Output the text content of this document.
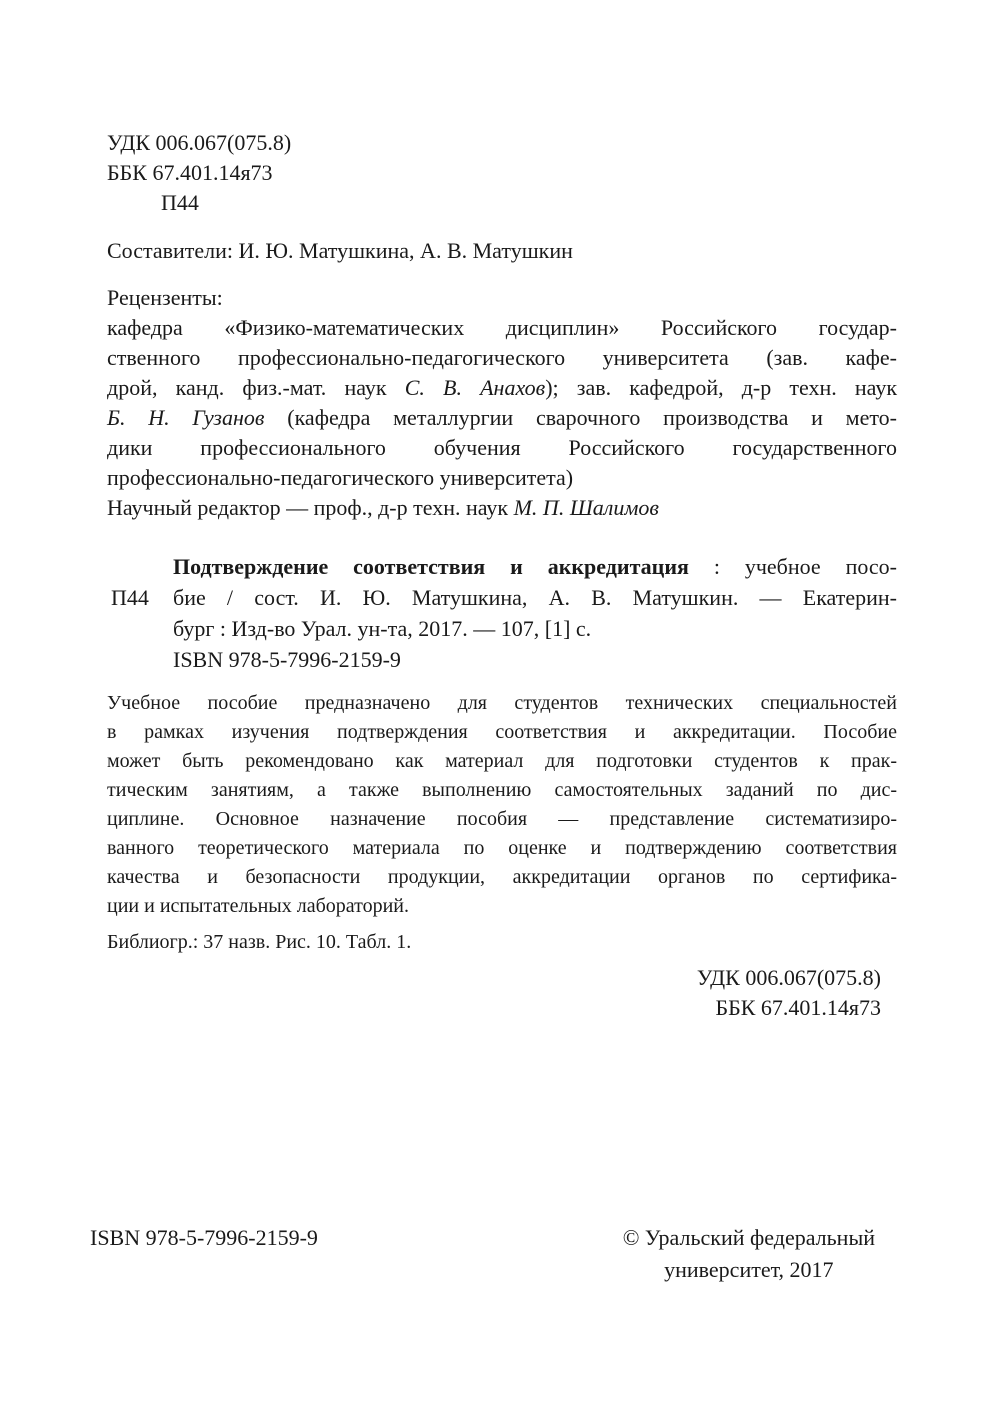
УДК 006.067(075.8)
ББК 67.401.14я73
П44
Составители: И. Ю. Матушкина, А. В. Матушкин
Рецензенты:
кафедра «Физико-математических дисциплин» Российского государ-
ственного профессионально-педагогического университета (зав. кафе-
дрой, канд. физ.-мат. наук С. В. Анахов); зав. кафедрой, д-р техн. наук
Б. Н. Гузанов (кафедра металлургии сварочного производства и мето-
дики профессионального обучения Российского государственного
профессионально-педагогического университета)
Научный редактор — проф., д-р техн. наук М. П. Шалимов
П44
Подтверждение соответствия и аккредитация : учебное посо-
бие / сост. И. Ю. Матушкина, А. В. Матушкин. — Екатерин-
бург : Изд-во Урал. ун-та, 2017. — 107, [1] с.
ISBN 978-5-7996-2159-9
Учебное пособие предназначено для студентов технических специальностей
в рамках изучения подтверждения соответствия и аккредитации. Пособие
может быть рекомендовано как материал для подготовки студентов к прак-
тическим занятиям, а также выполнению самостоятельных заданий по дис-
циплине. Основное назначение пособия — представление систематизиро-
ванного теоретического материала по оценке и подтверждению соответствия
качества и безопасности продукции, аккредитации органов по сертифика-
ции и испытательных лабораторий.
Библиогр.: 37 назв. Рис. 10. Табл. 1.
УДК 006.067(075.8)
ББК 67.401.14я73
ISBN 978-5-7996-2159-9	© Уральский федеральный
университет, 2017
